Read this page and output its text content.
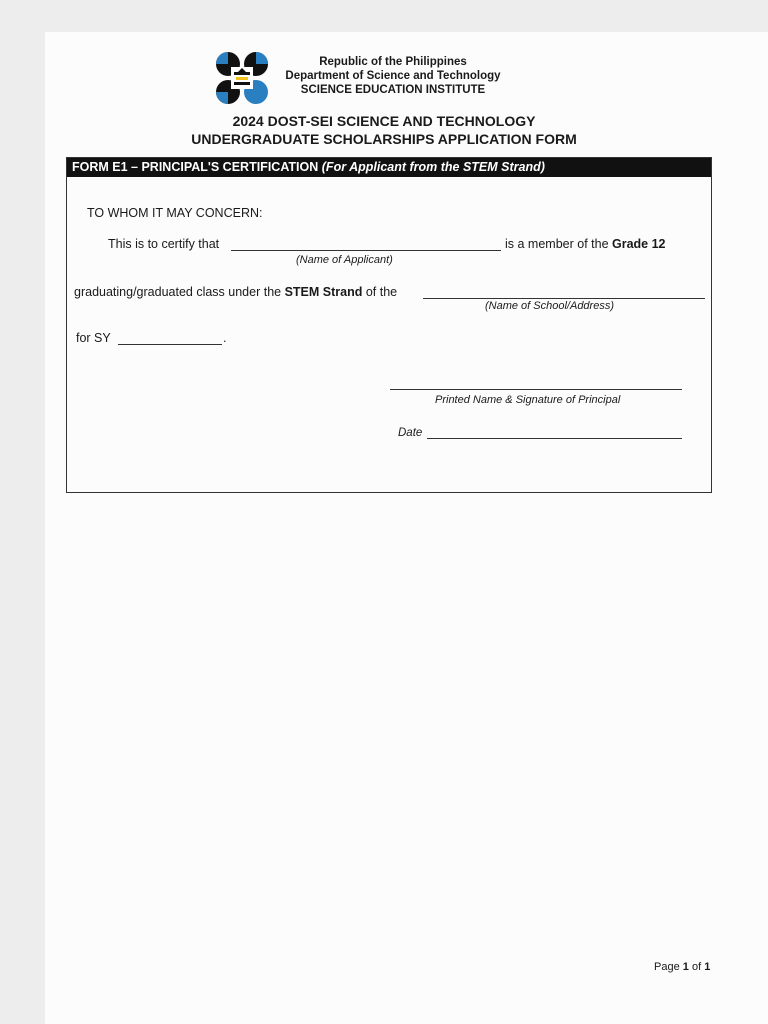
Republic of the Philippines
Department of Science and Technology
SCIENCE EDUCATION INSTITUTE
2024 DOST-SEI SCIENCE AND TECHNOLOGY
UNDERGRADUATE SCHOLARSHIPS APPLICATION FORM
FORM E1 – PRINCIPAL'S CERTIFICATION (For Applicant from the STEM Strand)
TO WHOM IT MAY CONCERN:
This is to certify that	is a member of the Grade 12
(Name of Applicant)
graduating/graduated class under the STEM Strand of the
(Name of School/Address)
for SY	.
Printed Name & Signature of Principal
Date
Page 1 of 1
